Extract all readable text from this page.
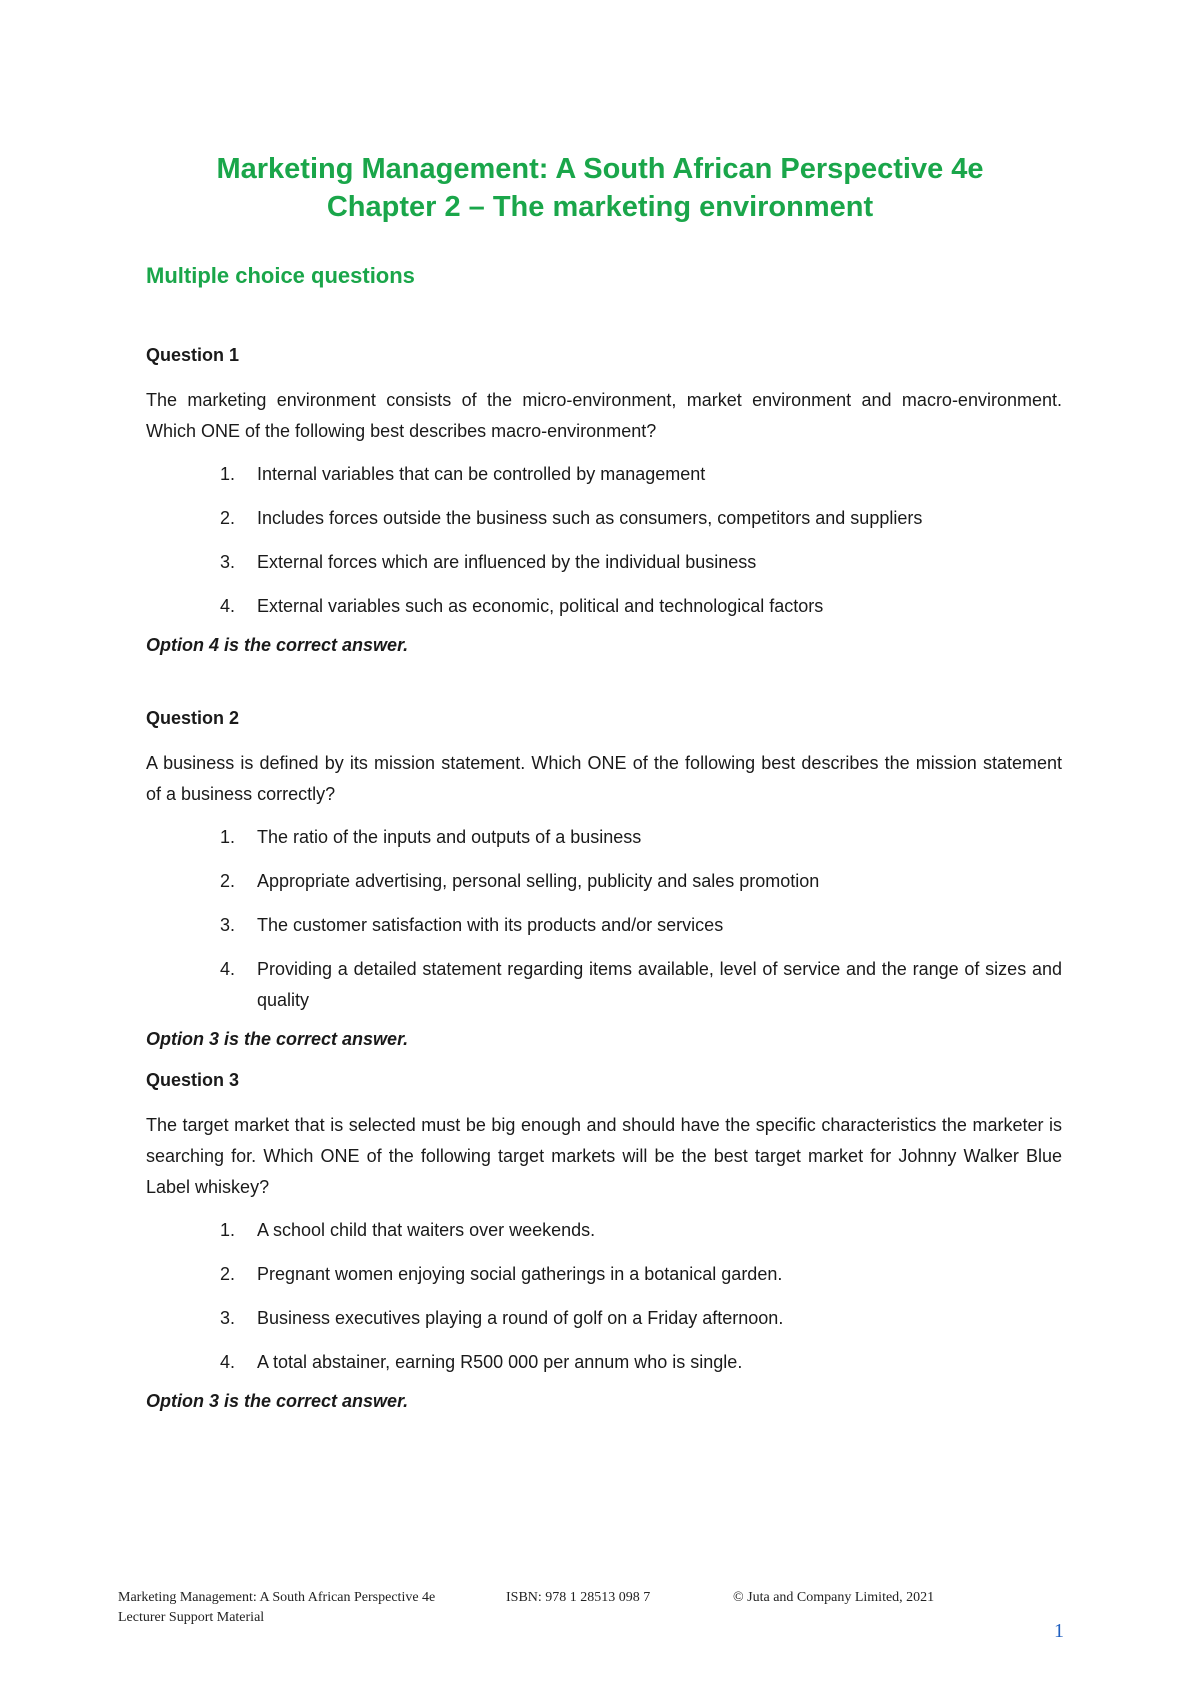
Marketing Management: A South African Perspective 4e
Chapter 2 – The marketing environment
Multiple choice questions
Question 1
The marketing environment consists of the micro-environment, market environment and macro-environment. Which ONE of the following best describes macro-environment?
1. Internal variables that can be controlled by management
2. Includes forces outside the business such as consumers, competitors and suppliers
3. External forces which are influenced by the individual business
4. External variables such as economic, political and technological factors
Option 4 is the correct answer.
Question 2
A business is defined by its mission statement. Which ONE of the following best describes the mission statement of a business correctly?
1. The ratio of the inputs and outputs of a business
2. Appropriate advertising, personal selling, publicity and sales promotion
3. The customer satisfaction with its products and/or services
4. Providing a detailed statement regarding items available, level of service and the range of sizes and quality
Option 3 is the correct answer.
Question 3
The target market that is selected must be big enough and should have the specific characteristics the marketer is searching for. Which ONE of the following target markets will be the best target market for Johnny Walker Blue Label whiskey?
1. A school child that waiters over weekends.
2. Pregnant women enjoying social gatherings in a botanical garden.
3. Business executives playing a round of golf on a Friday afternoon.
4. A total abstainer, earning R500 000 per annum who is single.
Option 3 is the correct answer.
Marketing Management: A South African Perspective 4e	ISBN: 978 1 28513 098 7	© Juta and Company Limited, 2021
Lecturer Support Material
1
